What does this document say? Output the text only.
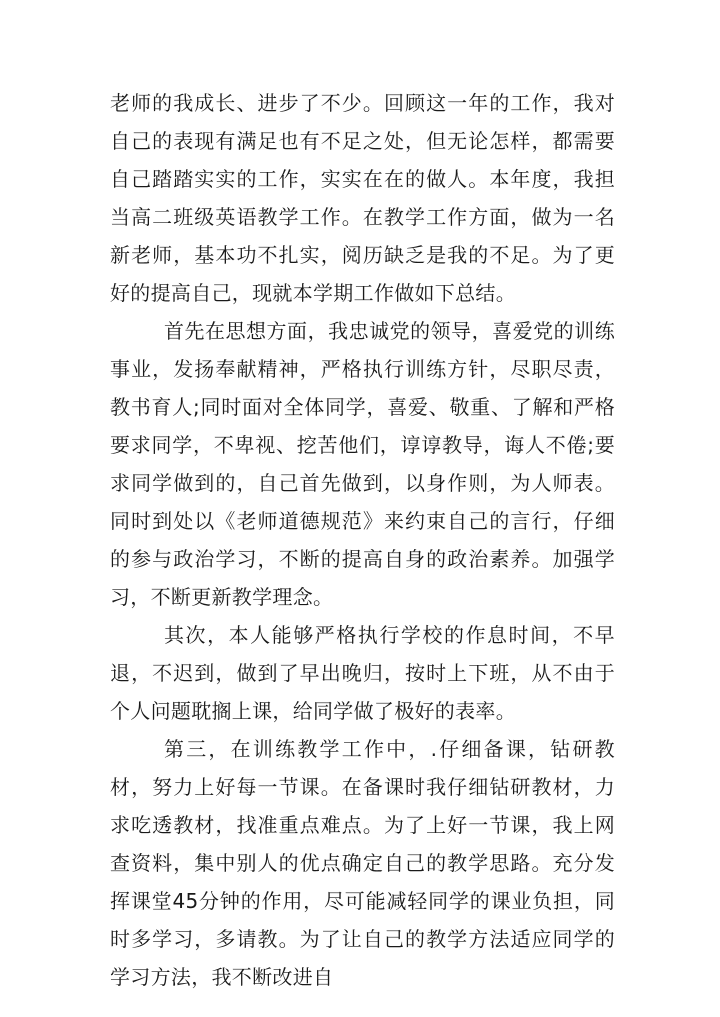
老师的我成长、进步了不少。回顾这一年的工作，我对自己的表现有满足也有不足之处，但无论怎样，都需要自己踏踏实实的工作，实实在在的做人。本年度，我担当高二班级英语教学工作。在教学工作方面，做为一名新老师，基本功不扎实，阅历缺乏是我的不足。为了更好的提高自己，现就本学期工作做如下总结。

首先在思想方面，我忠诚党的领导，喜爱党的训练事业，发扬奉献精神，严格执行训练方针，尽职尽责，教书育人;同时面对全体同学，喜爱、敬重、了解和严格要求同学，不卑视、挖苦他们，谆谆教导，诲人不倦;要求同学做到的，自己首先做到，以身作则，为人师表。同时到处以《老师道德规范》来约束自己的言行，仔细的参与政治学习，不断的提高自身的政治素养。加强学习，不断更新教学理念。

其次，本人能够严格执行学校的作息时间，不早退，不迟到，做到了早出晚归，按时上下班，从不由于个人问题耽搁上课，给同学做了极好的表率。

第三，在训练教学工作中，.仔细备课，钻研教材，努力上好每一节课。在备课时我仔细钻研教材，力求吃透教材，找准重点难点。为了上好一节课，我上网查资料，集中别人的优点确定自己的教学思路。充分发挥课堂45分钟的作用，尽可能减轻同学的课业负担，同时多学习，多请教。为了让自己的教学方法适应同学的学习方法，我不断改进自
